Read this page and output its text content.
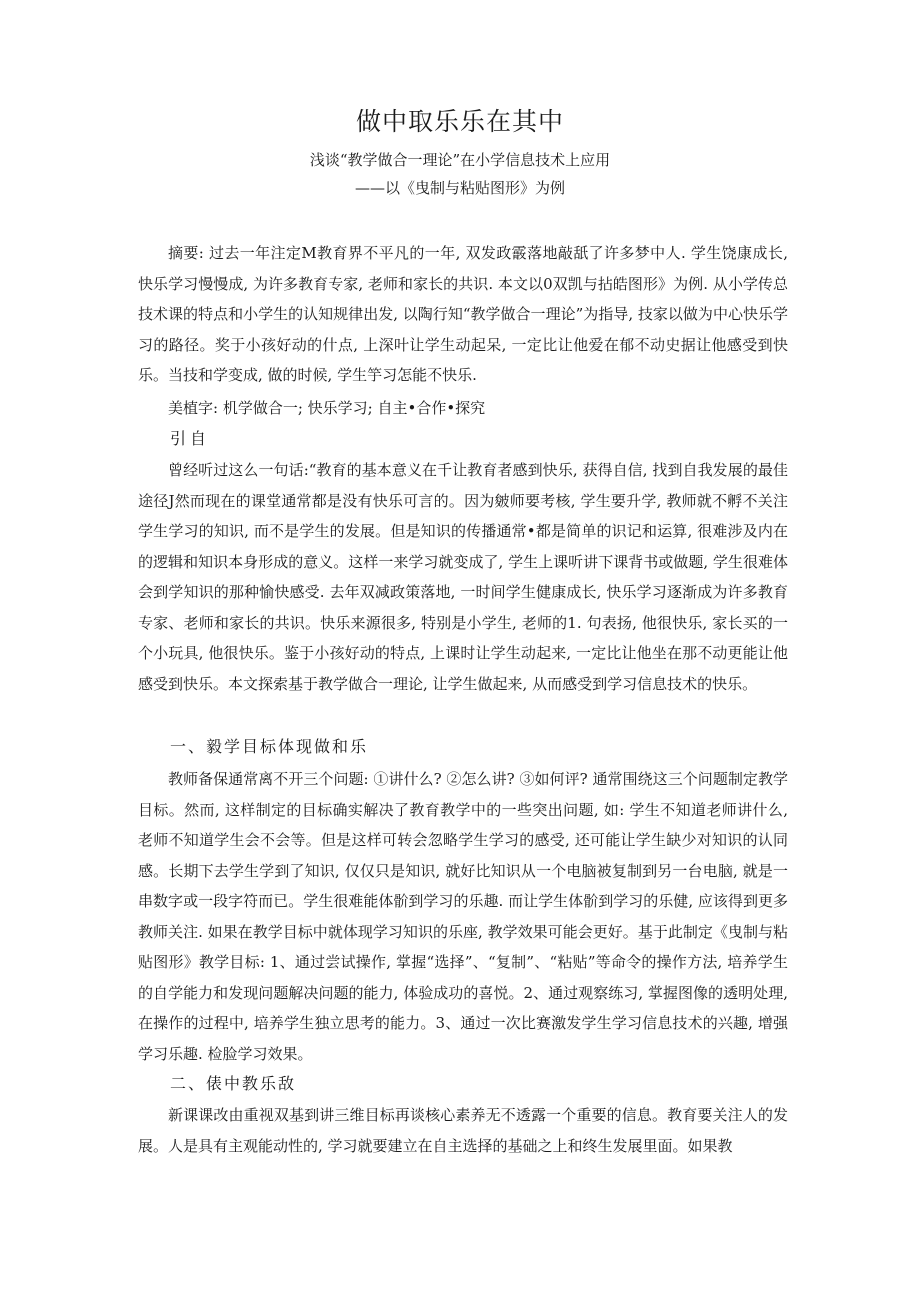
做中取乐乐在其中
浅谈“教学做合一理论”在小学信息技术上应用
——以《曳制与粘贴图形》为例

摘要: 过去一年注定M教育界不平凡的一年, 双发政霰落地敲舐了许多梦中人. 学生饶康成长, 快乐学习慢慢成, 为许多教育专家, 老师和家长的共识. 本文以0双凯与拈皓图形》为例. 从小学传总技术课的特点和小学生的认知规律出发, 以陶行知“教学做合一理论”为指导, 技家以做为中心快乐学习的路径。奖于小孩好动的什点, 上深叶让学生动起呆, 一定比让他爱在郁不动史据让他感受到快乐。当技和学变成, 做的时候, 学生竽习怎能不快乐.

美植字: 机学做合一; 快乐学习; 自主•合作•探究

引自

曾经听过这么一句话:“教育的基本意义在千让教育者感到快乐, 获得自信, 找到自我发展的最佳途径J然而现在的课堂通常都是没有快乐可言的。因为皴师要考核, 学生要升学, 教师就不孵不关注学生学习的知识, 而不是学生的发展。但是知识的传播通常•都是简单的识记和运算, 很难涉及内在的逻辑和知识本身形成的意义。这样一来学习就变成了, 学生上课听讲下课背书或做题, 学生很难体会到学知识的那种愉快感受. 去年双减政策落地, 一时间学生健康成长, 快乐学习逐渐成为许多教育专家、老师和家长的共识。快乐来源很多, 特别是小学生, 老师的1. 句表扬, 他很快乐, 家长买的一个小玩具, 他很快乐。鉴于小孩好动的特点, 上课时让学生动起来, 一定比让他坐在那不动更能让他感受到快乐。本文探索基于教学做合一理论, 让学生做起来, 从而感受到学习信息技术的快乐。

一、毅学目标体现做和乐

教师备保通常离不开三个问题: ①讲什么? ②怎么讲? ③如何评? 通常围绕这三个问题制定教学目标。然而, 这样制定的目标确实解决了教育教学中的一些突出问题, 如: 学生不知道老师讲什么, 老师不知道学生会不会等。但是这样可转会忽略学生学习的感受, 还可能让学生缺少对知识的认同感。长期下去学生学到了知识, 仅仅只是知识, 就好比知识从一个电脑被复制到另一台电脑, 就是一串数字或一段字符而已。学生很难能体骱到学习的乐趣. 而让学生体骱到学习的乐健, 应该得到更多教师关注. 如果在教学目标中就体现学习知识的乐座, 教学效果可能会更好。基于此制定《曳制与粘贴图形》教学目标: 1、通过尝试操作, 掌握“选择”、“复制”、“粘贴”等命令的操作方法, 培养学生的自学能力和发现问题解决问题的能力, 体验成功的喜悦。2、通过观察练习, 掌握图像的透明处理, 在操作的过程中, 培养学生独立思考的能力。3、通过一次比赛激发学生学习信息技术的兴趣, 增强学习乐趣. 检脸学习效果。

二、俵中教乐敌

新课课改由重视双基到讲三维目标再谈核心素养无不透露一个重要的信息。教育要关注人的发展。人是具有主观能动性的, 学习就要建立在自主选择的基础之上和终生发展里面。如果教
